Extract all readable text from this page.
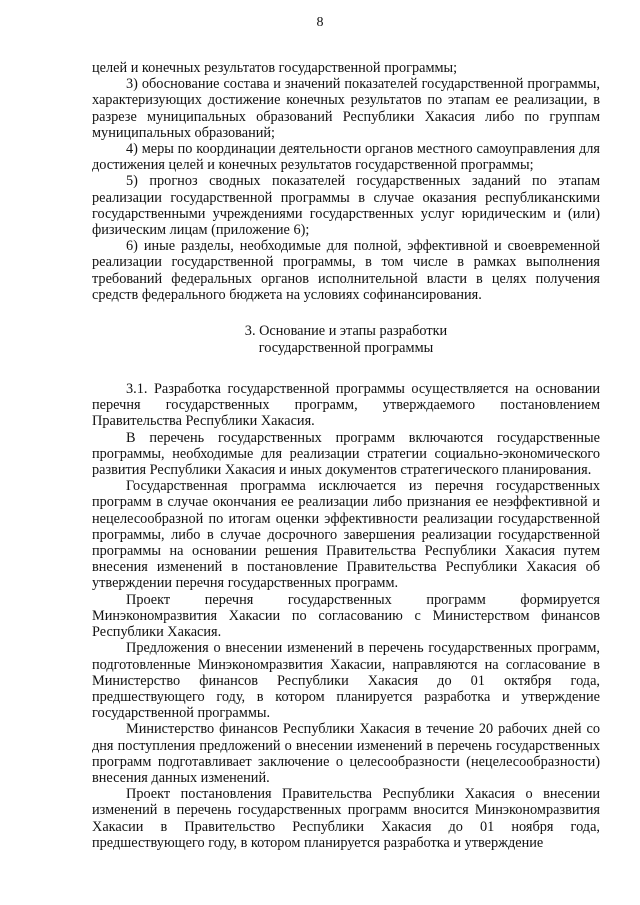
8

целей и конечных результатов государственной программы;

3) обоснование состава и значений показателей государственной программы, характеризующих достижение конечных результатов по этапам ее реализации, в разрезе муниципальных образований Республики Хакасия либо по группам муниципальных образований;

4) меры по координации деятельности органов местного самоуправления для достижения целей и конечных результатов государственной программы;

5) прогноз сводных показателей государственных заданий по этапам реализации государственной программы в случае оказания республиканскими государственными учреждениями государственных услуг юридическим и (или) физическим лицам (приложение 6);

6) иные разделы, необходимые для полной, эффективной и своевременной реализации государственной программы, в том числе в рамках выполнения требований федеральных органов исполнительной власти в целях получения средств федерального бюджета на условиях софинансирования.

3. Основание и этапы разработки
государственной программы

3.1. Разработка государственной программы осуществляется на основании перечня государственных программ, утверждаемого постановлением Правительства Республики Хакасия.

В перечень государственных программ включаются государственные программы, необходимые для реализации стратегии социально-экономического развития Республики Хакасия и иных документов стратегического планирования.

Государственная программа исключается из перечня государственных программ в случае окончания ее реализации либо признания ее неэффективной и нецелесообразной по итогам оценки эффективности реализации государственной программы, либо в случае досрочного завершения реализации государственной программы на основании решения Правительства Республики Хакасия путем внесения изменений в постановление Правительства Республики Хакасия об утверждении перечня государственных программ.

Проект перечня государственных программ формируется Минэкономразвития Хакасии по согласованию с Министерством финансов Республики Хакасия.

Предложения о внесении изменений в перечень государственных программ, подготовленные Минэкономразвития Хакасии, направляются на согласование в Министерство финансов Республики Хакасия до 01 октября года, предшествующего году, в котором планируется разработка и утверждение государственной программы.

Министерство финансов Республики Хакасия в течение 20 рабочих дней со дня поступления предложений о внесении изменений в перечень государственных программ подготавливает заключение о целесообразности (нецелесообразности) внесения данных изменений.

Проект постановления Правительства Республики Хакасия о внесении изменений в перечень государственных программ вносится Минэкономразвития Хакасии в Правительство Республики Хакасия до 01 ноября года, предшествующего году, в котором планируется разработка и утверждение
